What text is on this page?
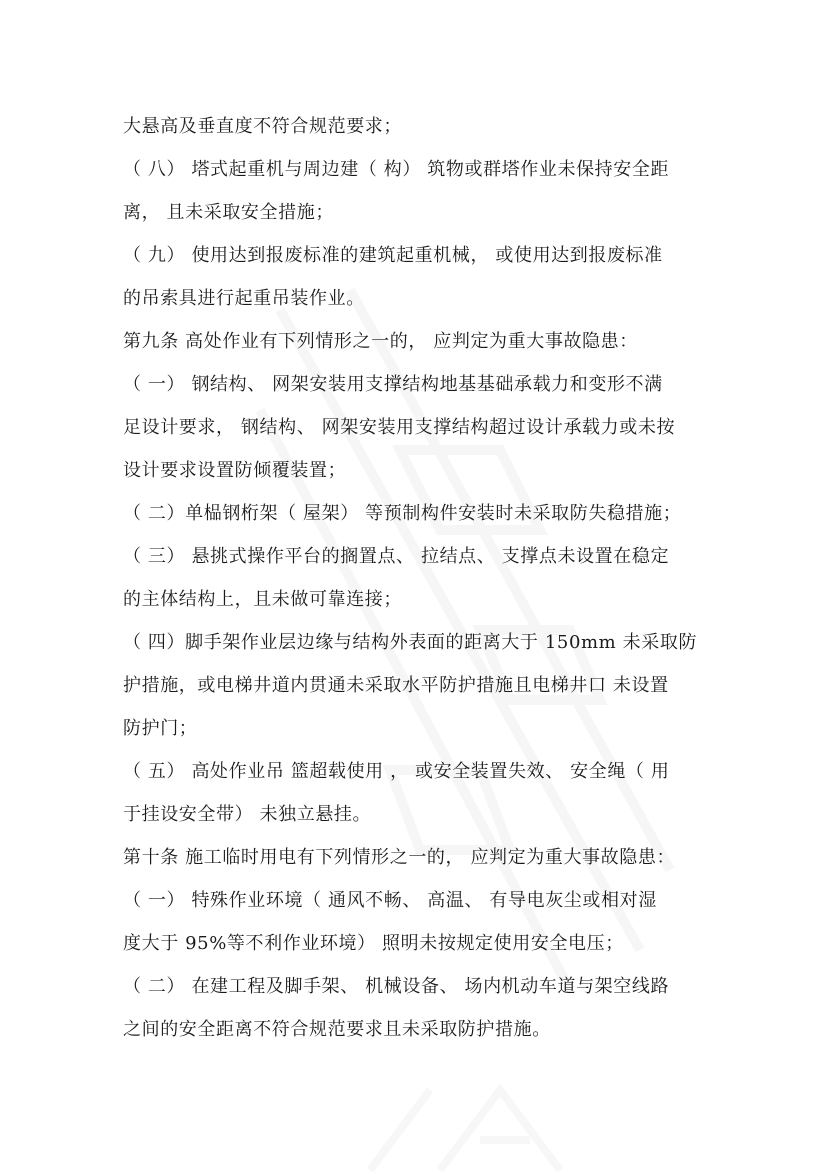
大悬高及垂直度不符合规范要求；
（ 八） 塔式起重机与周边建（ 构） 筑物或群塔作业未保持安全距
离， 且未采取安全措施；
（ 九） 使用达到报废标准的建筑起重机械， 或使用达到报废标准
的吊索具进行起重吊装作业。
第九条 高处作业有下列情形之一的， 应判定为重大事故隐患：
（ 一） 钢结构、 网架安装用支撑结构地基基础承载力和变形不满
足设计要求， 钢结构、 网架安装用支撑结构超过设计承载力或未按
设计要求设置防倾覆装置；
（ 二）单榀钢桁架（ 屋架） 等预制构件安装时未采取防失稳措施；
（ 三） 悬挑式操作平台的搁置点、 拉结点、 支撑点未设置在稳定
的主体结构上，且未做可靠连接；
（ 四）脚手架作业层边缘与结构外表面的距离大于 150mm 未采取防
护措施，或电梯井道内贯通未采取水平防护措施且电梯井口 未设置
防护门；
（ 五） 高处作业吊 篮超载使用 ， 或安全装置失效、 安全绳（ 用
于挂设安全带） 未独立悬挂。
第十条 施工临时用电有下列情形之一的， 应判定为重大事故隐患：
（ 一） 特殊作业环境（ 通风不畅、 高温、 有导电灰尘或相对湿
度大于 95%等不利作业环境） 照明未按规定使用安全电压；
（ 二） 在建工程及脚手架、 机械设备、 场内机动车道与架空线路
之间的安全距离不符合规范要求且未采取防护措施。
